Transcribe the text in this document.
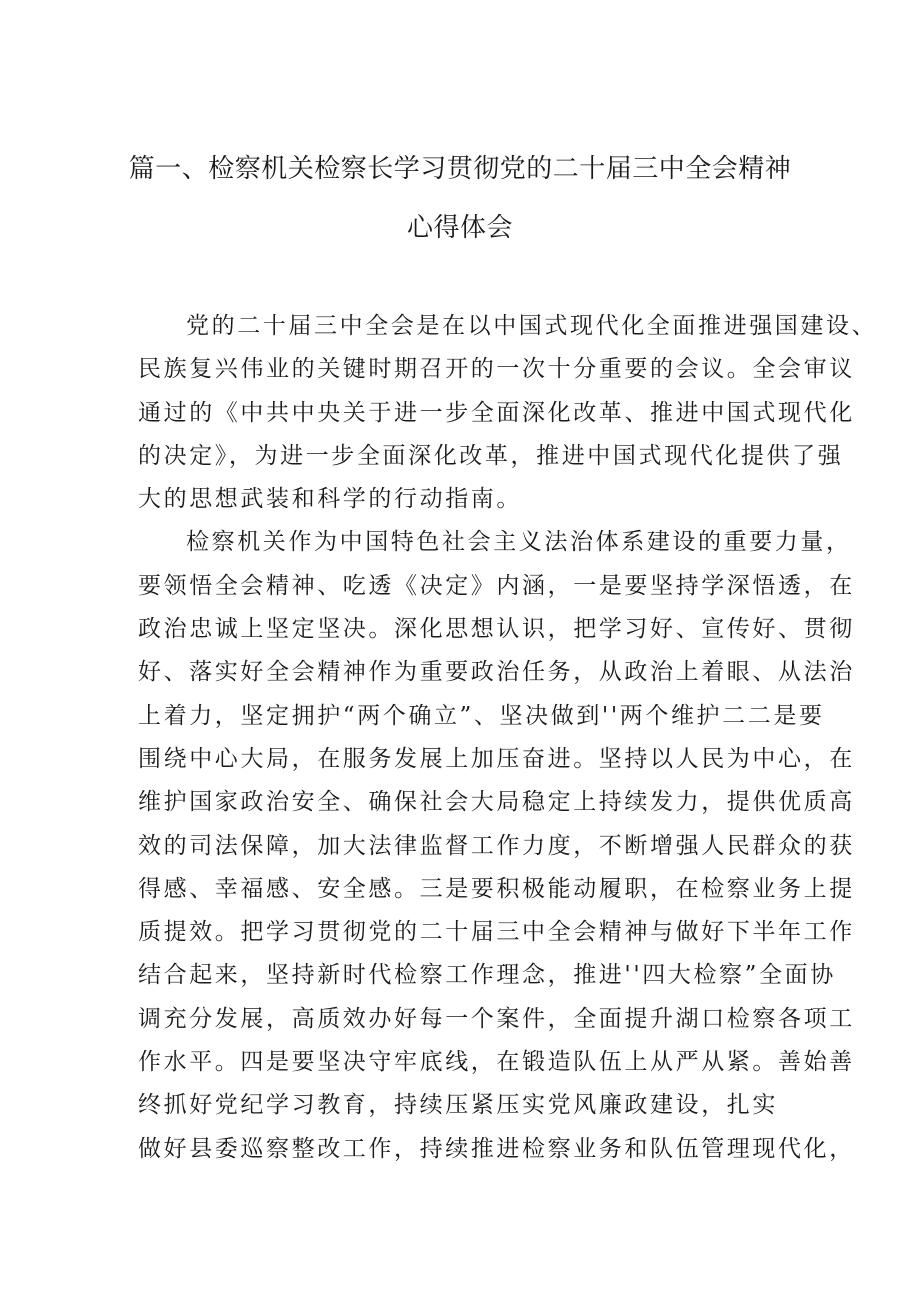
篇一、检察机关检察长学习贯彻党的二十届三中全会精神
心得体会
党的二十届三中全会是在以中国式现代化全面推进强国建设、
民族复兴伟业的关键时期召开的一次十分重要的会议。全会审议
通过的《中共中央关于进一步全面深化改革、推进中国式现代化
的决定》，为进一步全面深化改革，推进中国式现代化提供了强
大的思想武装和科学的行动指南。
检察机关作为中国特色社会主义法治体系建设的重要力量，
要领悟全会精神、吃透《决定》内涵，一是要坚持学深悟透，在
政治忠诚上坚定坚决。深化思想认识，把学习好、宣传好、贯彻
好、落实好全会精神作为重要政治任务，从政治上着眼、从法治
上着力，坚定拥护“两个确立”、坚决做到''两个维护二二是要
围绕中心大局，在服务发展上加压奋进。坚持以人民为中心，在
维护国家政治安全、确保社会大局稳定上持续发力，提供优质高
效的司法保障，加大法律监督工作力度，不断增强人民群众的获
得感、幸福感、安全感。三是要积极能动履职，在检察业务上提
质提效。把学习贯彻党的二十届三中全会精神与做好下半年工作
结合起来，坚持新时代检察工作理念，推进''四大检察”全面协
调充分发展，高质效办好每一个案件，全面提升湖口检察各项工
作水平。四是要坚决守牢底线，在锻造队伍上从严从紧。善始善
终抓好党纪学习教育，持续压紧压实党风廉政建设，扎实
做好县委巡察整改工作，持续推进检察业务和队伍管理现代化，
